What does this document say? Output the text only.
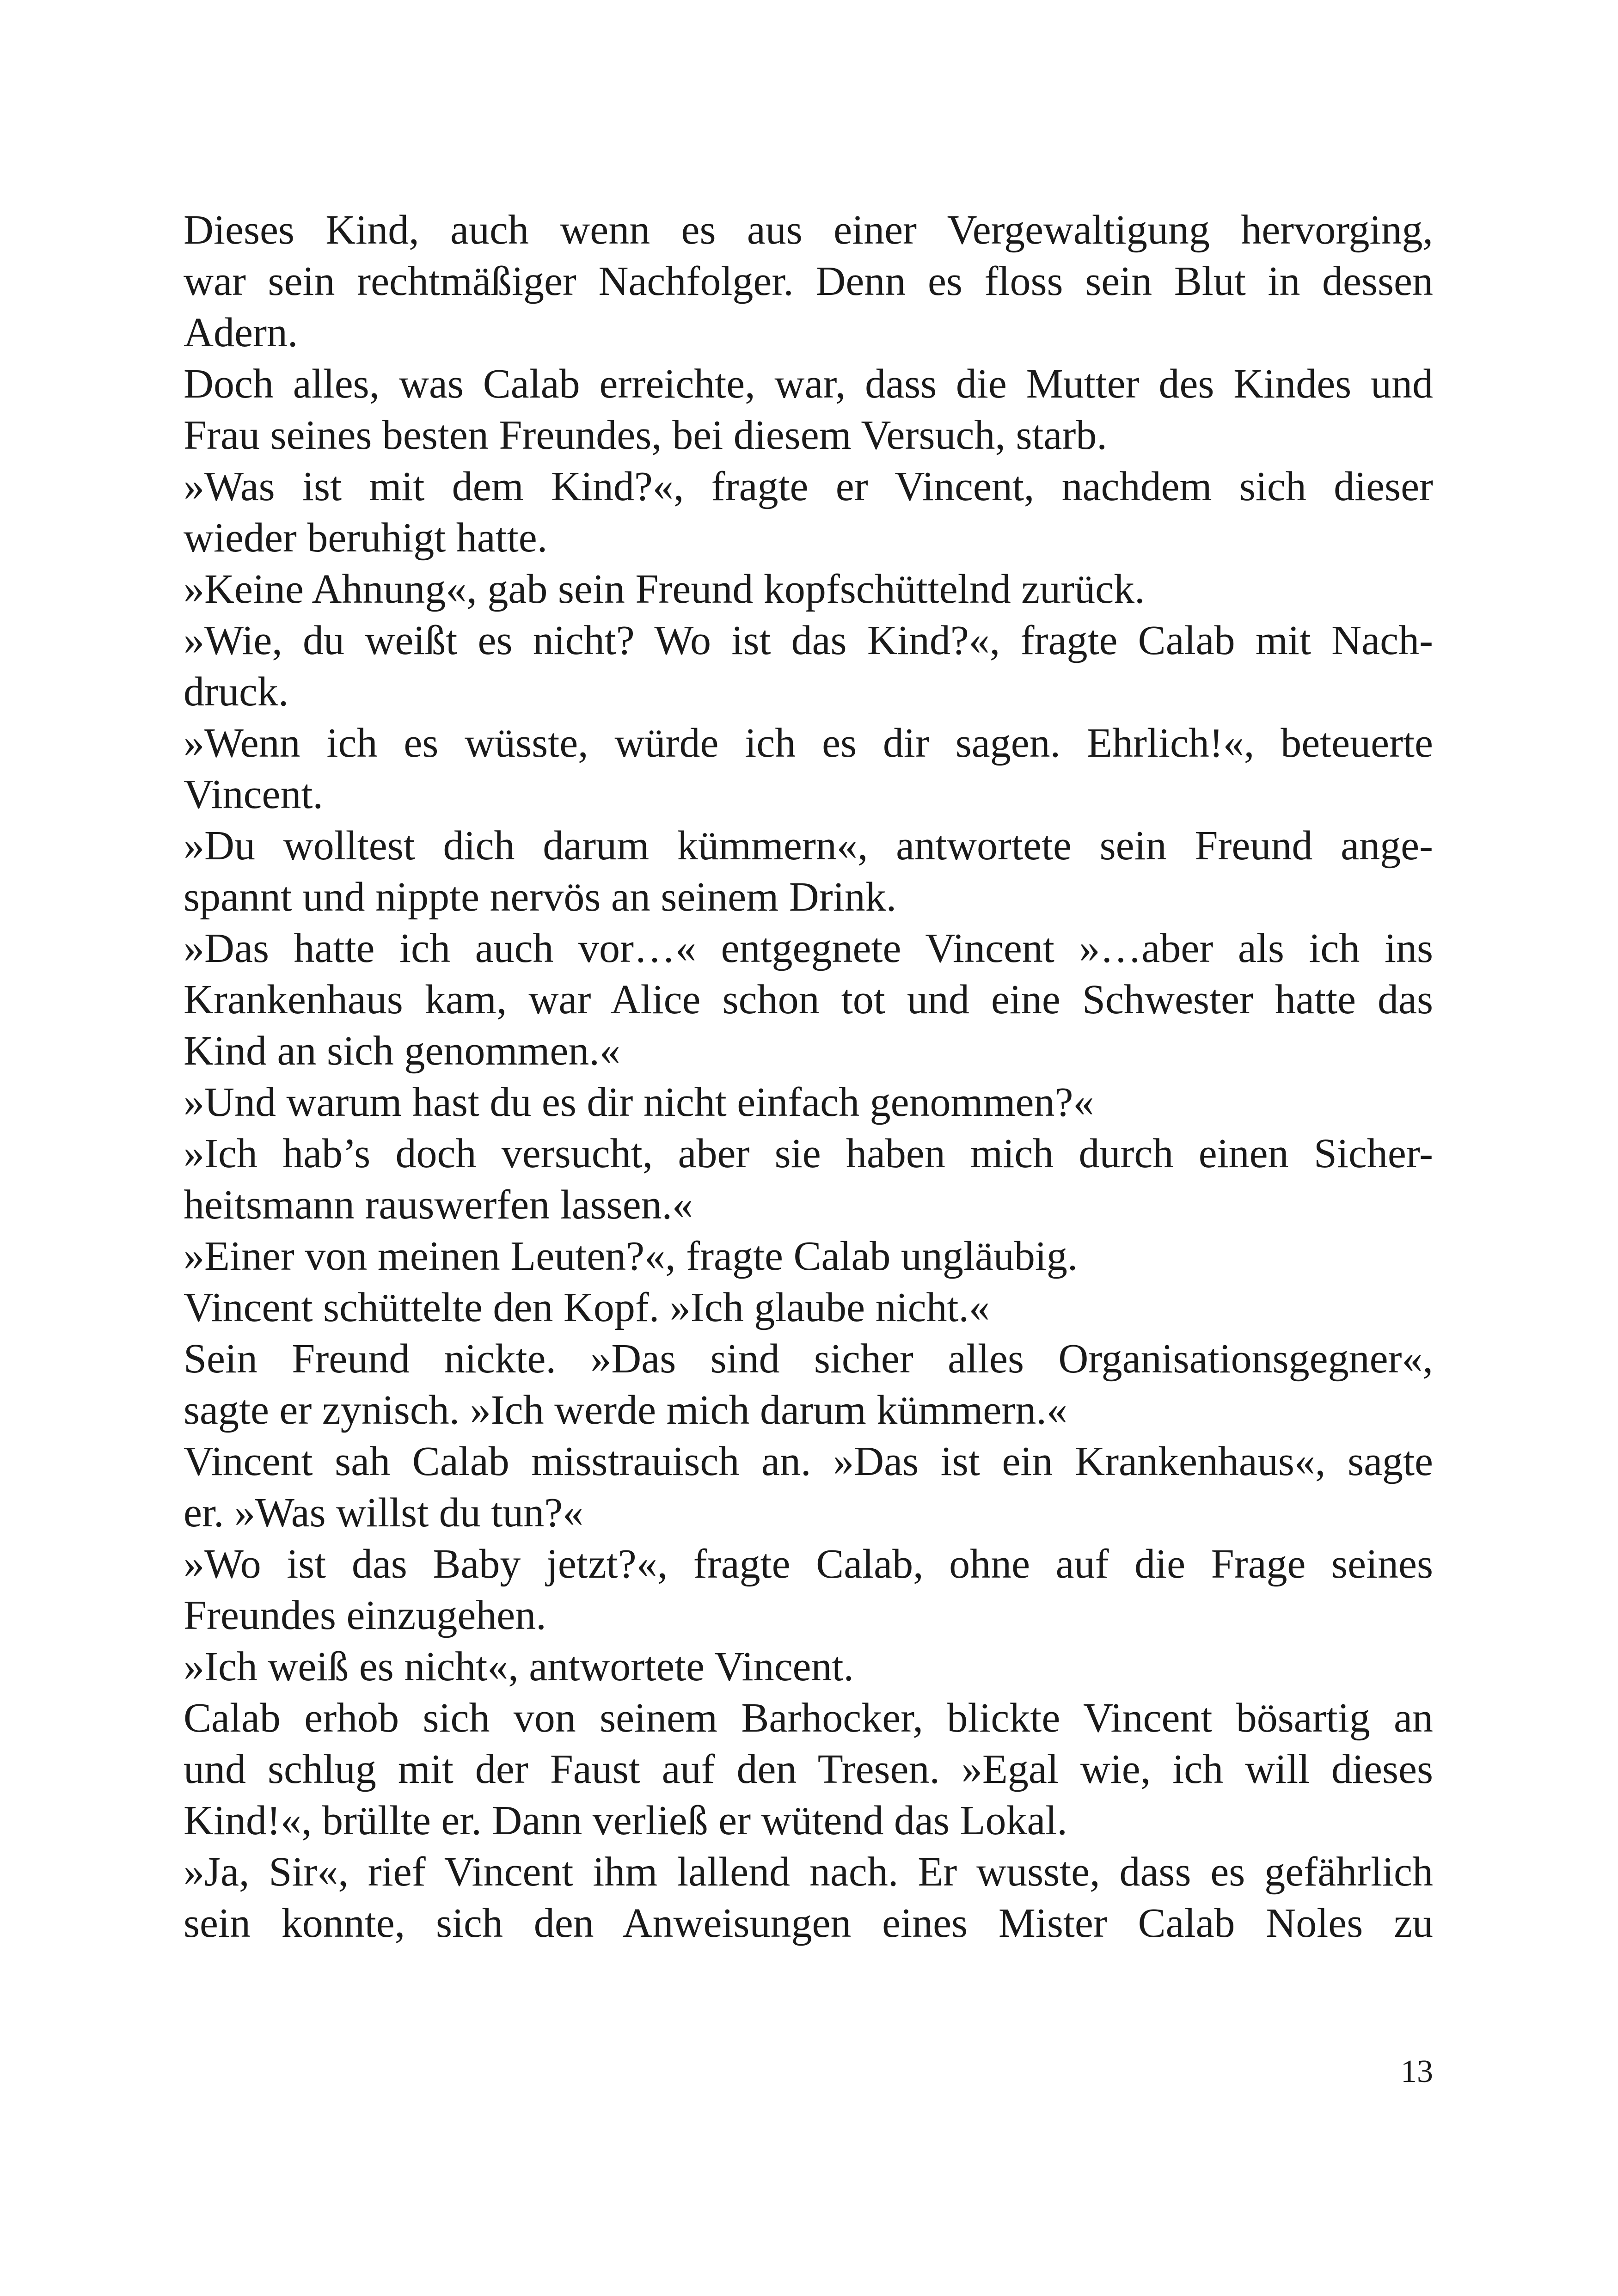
Dieses Kind, auch wenn es aus einer Vergewaltigung hervorging,
war sein rechtmäßiger Nachfolger. Denn es floss sein Blut in dessen
Adern.
Doch alles, was Calab erreichte, war, dass die Mutter des Kindes und
Frau seines besten Freundes, bei diesem Versuch, starb.
»Was ist mit dem Kind?«, fragte er Vincent, nachdem sich dieser
wieder beruhigt hatte.
»Keine Ahnung«, gab sein Freund kopfschüttelnd zurück.
»Wie, du weißt es nicht? Wo ist das Kind?«, fragte Calab mit Nach-
druck.
»Wenn ich es wüsste, würde ich es dir sagen. Ehrlich!«, beteuerte
Vincent.
»Du wolltest dich darum kümmern«, antwortete sein Freund ange-
spannt und nippte nervös an seinem Drink.
»Das hatte ich auch vor…« entgegnete Vincent »…aber als ich ins
Krankenhaus kam, war Alice schon tot und eine Schwester hatte das
Kind an sich genommen.«
»Und warum hast du es dir nicht einfach genommen?«
»Ich hab’s doch versucht, aber sie haben mich durch einen Sicher-
heitsmann rauswerfen lassen.«
»Einer von meinen Leuten?«, fragte Calab ungläubig.
Vincent schüttelte den Kopf. »Ich glaube nicht.«
Sein Freund nickte. »Das sind sicher alles Organisationsgegner«,
sagte er zynisch. »Ich werde mich darum kümmern.«
Vincent sah Calab misstrauisch an. »Das ist ein Krankenhaus«, sagte
er. »Was willst du tun?«
»Wo ist das Baby jetzt?«, fragte Calab, ohne auf die Frage seines
Freundes einzugehen.
»Ich weiß es nicht«, antwortete Vincent.
Calab erhob sich von seinem Barhocker, blickte Vincent bösartig an
und schlug mit der Faust auf den Tresen. »Egal wie, ich will dieses
Kind!«, brüllte er. Dann verließ er wütend das Lokal.
»Ja, Sir«, rief Vincent ihm lallend nach. Er wusste, dass es gefährlich
sein konnte, sich den Anweisungen eines Mister Calab Noles zu
13
